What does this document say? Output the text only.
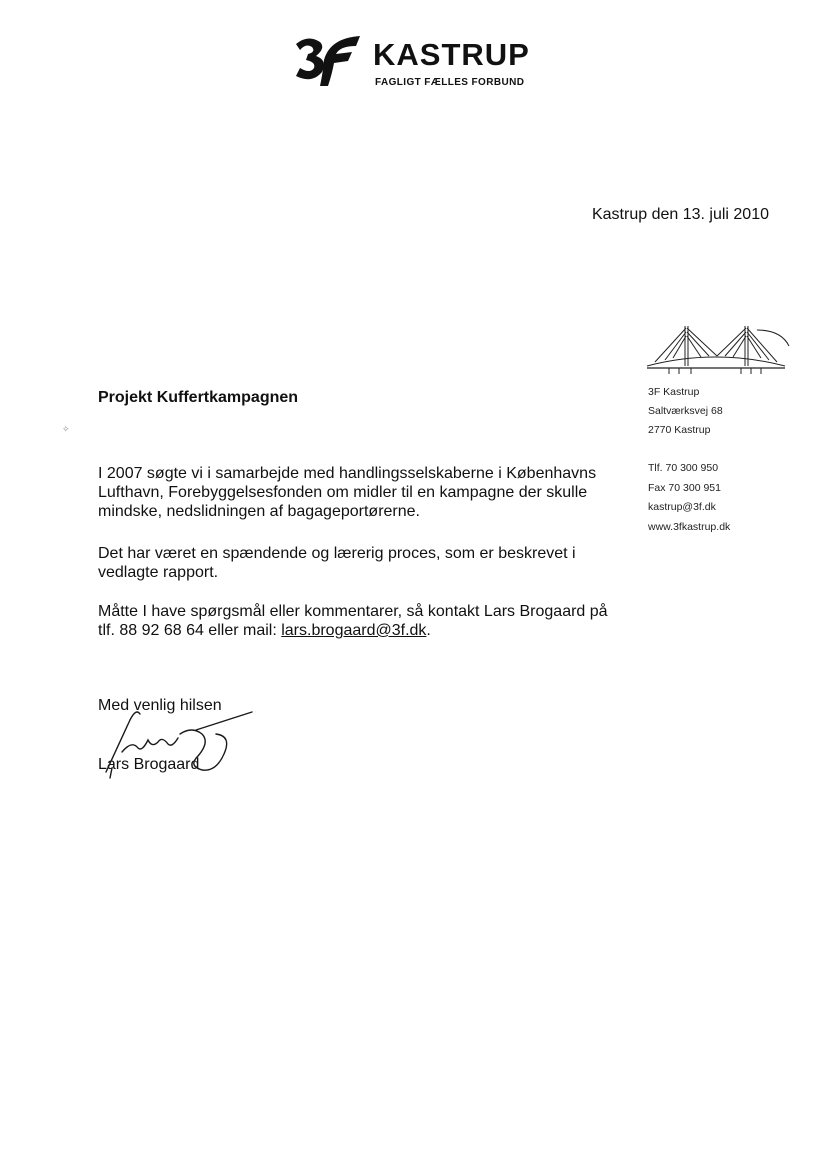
KASTRUP
FAGLIGT FÆLLES FORBUND
Kastrup den 13. juli 2010
3F Kastrup
Saltværksvej 68
2770 Kastrup
Tlf. 70 300 950
Fax 70 300 951
kastrup@3f.dk
www.3fkastrup.dk
✧
Projekt Kuffertkampagnen
I 2007 søgte vi i samarbejde med handlingsselskaberne i Københavns
Lufthavn, Forebyggelsesfonden om midler til en kampagne der skulle
mindske, nedslidningen af bagageportørerne.
Det har været en spændende og lærerig proces, som er beskrevet i
vedlagte rapport.
Måtte I have spørgsmål eller kommentarer, så kontakt Lars Brogaard på
tlf. 88 92 68 64 eller mail: lars.brogaard@3f.dk.
Med venlig hilsen
Lars Brogaard
